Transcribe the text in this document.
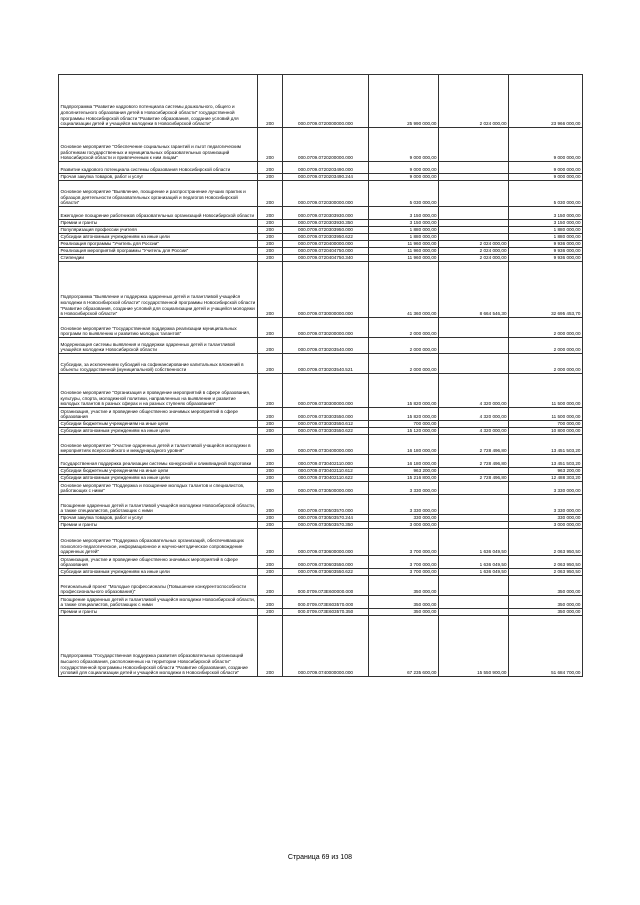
Подпрограмма "Развитие кадрового потенциала системы дошкольного, общего и дополнительного образования детей в Новосибирской области" государственной программы Новосибирской области "Развитие образования, создание условий для социализации детей и учащейся молодежи в Новосибирской области"	200	000.0709.0720000000.000	25 990 000,00	2 024 000,00	23 966 000,00
Основное мероприятие "Обеспечение социальных гарантий и льгот педагогическим работникам государственных и муниципальных образовательных организаций Новосибирской области и привлеченным к ним лицам"	200	000.0709.0720200000.000	9 000 000,00		9 000 000,00
Развитие кадрового потенциала системы образования Новосибирской области	200	000.0709.0720203490.000	9 000 000,00		9 000 000,00
Прочая закупка товаров, работ и услуг	200	000.0709.0720203490.244	9 000 000,00		9 000 000,00
Основное мероприятие "Выявление, поощрение и распространение лучших практик и образцов деятельности образовательных организаций и педагогов Новосибирской области"	200	000.0709.0720300000.000	5 030 000,00		5 030 000,00
Ежегодное поощрение работников образовательных организаций Новосибирской области	200	000.0709.0720303930.000	3 150 000,00		3 150 000,00
Премии и гранты	200	000.0709.0720303930.350	3 150 000,00		3 150 000,00
Популяризация профессии учителя	200	000.0709.0720303950.000	1 880 000,00		1 880 000,00
Субсидии автономным учреждениям на иные цели	200	000.0709.0720303950.622	1 880 000,00		1 880 000,00
Реализация программы "Учитель для России"	200	000.0709.0720400000.000	11 960 000,00	2 024 000,00	9 936 000,00
Реализация мероприятий программы "Учитель для России"	200	000.0709.0720404750.000	11 960 000,00	2 024 000,00	9 936 000,00
Стипендии	200	000.0709.0720404750.340	11 960 000,00	2 024 000,00	9 936 000,00
Подпрограмма "Выявление и поддержка одаренных детей и талантливой учащейся молодежи в Новосибирской области" государственной программы Новосибирской области "Развитие образования, создание условий для социализации детей и учащейся молодежи в Новосибирской области"	200	000.0709.0730000000.000	41 360 000,00	8 664 546,30	32 695 453,70
Основное мероприятие "Государственная поддержка реализации муниципальных программ по выявлению и развитию молодых талантов"	200	000.0709.0730200000.000	2 000 000,00		2 000 000,00
Модернизация системы выявления и поддержки одаренных детей и талантливой учащейся молодежи Новосибирской области	200	000.0709.0730203540.000	2 000 000,00		2 000 000,00
Субсидии, за исключением субсидий на софинансирование капитальных вложений в объекты государственной (муниципальной) собственности	200	000.0709.0730203540.521	2 000 000,00		2 000 000,00
Основное мероприятие "Организация и проведение мероприятий в сфере образования, культуры, спорта, молодежной политики, направленных на выявление и развитие молодых талантов в разных сферах и на разных ступенях образования"	200	000.0709.0730300000.000	15 820 000,00	4 320 000,00	11 500 000,00
Организация, участие и проведение общественно значимых мероприятий в сфере образования	200	000.0709.0730303550.000	15 820 000,00	4 320 000,00	11 500 000,00
Субсидии бюджетным учреждениям на иные цели	200	000.0709.0730303550.612	700 000,00		700 000,00
Субсидии автономным учреждениям на иные цели	200	000.0709.0730303550.622	15 120 000,00	4 320 000,00	10 800 000,00
Основное мероприятие "Участие одаренных детей и талантливой учащейся молодежи в мероприятиях всероссийского и международного уровня"	200	000.0709.0730400000.000	16 180 000,00	2 728 496,80	13 451 503,20
Государственная поддержка реализации системы конкурсной и олимпиадной подготовки	200	000.0709.0730402110.000	16 180 000,00	2 728 496,80	13 451 503,20
Субсидии бюджетным учреждениям на иные цели	200	000.0709.0730402110.612	963 200,00		963 200,00
Субсидии автономным учреждениям на иные цели	200	000.0709.0730402110.622	15 216 800,00	2 728 496,80	12 488 303,20
Основное мероприятие "Поддержка и поощрение молодых талантов и специалистов, работающих с ними"	200	000.0709.0730500000.000	3 330 000,00		3 330 000,00
Поощрение одаренных детей и талантливой учащейся молодежи Новосибирской области, а также специалистов, работающих с ними	200	000.0709.0730503570.000	3 330 000,00		3 330 000,00
Прочая закупка товаров, работ и услуг	200	000.0709.0730503570.244	330 000,00		330 000,00
Премии и гранты	200	000.0709.0730503570.350	3 000 000,00		3 000 000,00
Основное мероприятие "Поддержка образовательных организаций, обеспечивающих психолого-педагогическое, информационное и научно-методическое сопровождение одаренных детей"	200	000.0709.0730600000.000	3 700 000,00	1 636 049,50	2 063 950,50
Организация, участие и проведение общественно значимых мероприятий в сфере образования	200	000.0709.0730603550.000	3 700 000,00	1 636 049,50	2 063 950,50
Субсидии автономным учреждениям на иные цели	200	000.0709.0730603550.622	3 700 000,00	1 636 049,50	2 063 950,50
Региональный проект "Молодые профессионалы (Повышение конкурентоспособности профессионального образования)"	200	000.0709.073E600000.000	350 000,00		350 000,00
Поощрение одаренных детей и талантливой учащейся молодежи Новосибирской области, а также специалистов, работающих с ними	200	000.0709.073E603570.000	350 000,00		350 000,00
Премии и гранты	200	000.0709.073E603570.350	350 000,00		350 000,00
Подпрограмма "Государственная поддержка развития образовательных организаций высшего образования, расположенных на территории Новосибирской области" государственной программы Новосибирской области "Развитие образования, создание условий для социализации детей и учащейся молодежи в Новосибирской области"	200	000.0709.0740000000.000	67 235 600,00	15 550 900,00	51 684 700,00
Страница 69 из 108
